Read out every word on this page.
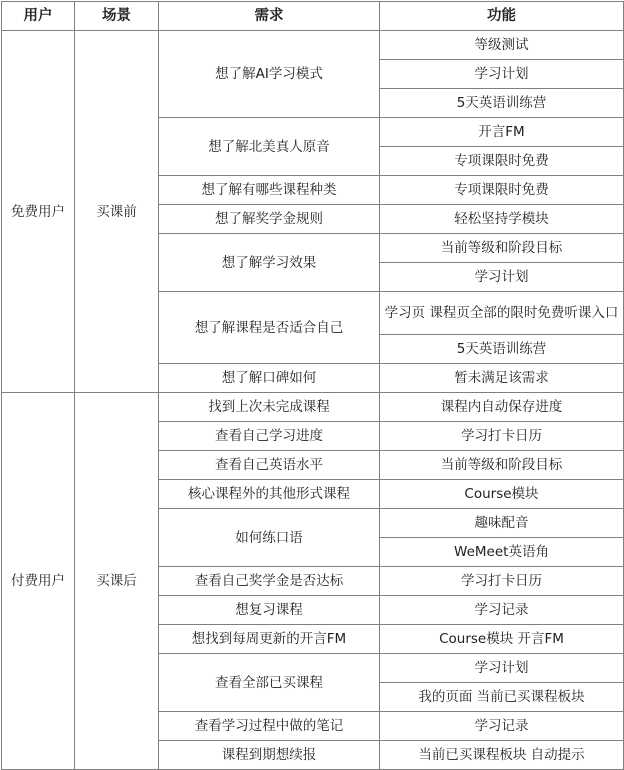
用户	场景	需求	功能
免费用户	买课前	想了解AI学习模式	等级测试
			学习计划
			5天英语训练营
		想了解北美真人原音	开言FM
			专项课限时免费
		想了解有哪些课程种类	专项课限时免费
		想了解奖学金规则	轻松坚持学模块
		想了解学习效果	当前等级和阶段目标
			学习计划
		想了解课程是否适合自己	学习页 课程页全部的限时免费听课入口
			5天英语训练营
		想了解口碑如何	暂未满足该需求
付费用户	买课后	找到上次未完成课程	课程内自动保存进度
		查看自己学习进度	学习打卡日历
		查看自己英语水平	当前等级和阶段目标
		核心课程外的其他形式课程	Course模块
		如何练口语	趣味配音
			WeMeet英语角
		查看自己奖学金是否达标	学习打卡日历
		想复习课程	学习记录
		想找到每周更新的开言FM	Course模块 开言FM
		查看全部已买课程	学习计划
			我的页面 当前已买课程板块
		查看学习过程中做的笔记	学习记录
		课程到期想续报	当前已买课程板块 自动提示
